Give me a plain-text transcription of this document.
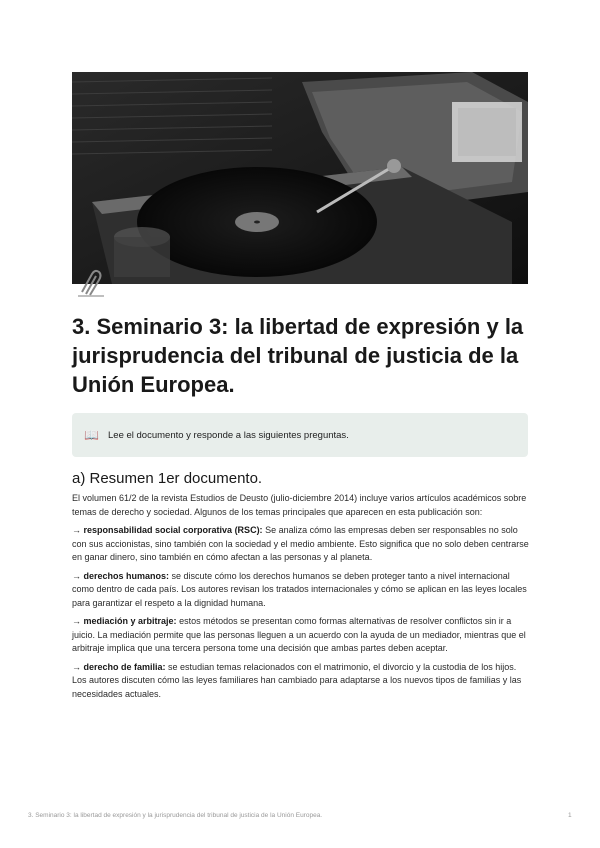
3. Seminario 3: la libertad de expresión y la jurisprudencia del tribunal de justicia de la Unión Europea.
📖 Lee el documento y responde a las siguientes preguntas.
a) Resumen 1er documento.

El volumen 61/2 de la revista Estudios de Deusto (julio-diciembre 2014) incluye varios artículos académicos sobre temas de derecho y sociedad. Algunos de los temas principales que aparecen en esta publicación son:

→ responsabilidad social corporativa (RSC): Se analiza cómo las empresas deben ser responsables no solo con sus accionistas, sino también con la sociedad y el medio ambiente. Esto significa que no solo deben centrarse en ganar dinero, sino también en cómo afectan a las personas y al planeta.

→ derechos humanos: se discute cómo los derechos humanos se deben proteger tanto a nivel internacional como dentro de cada país. Los autores revisan los tratados internacionales y cómo se aplican en las leyes locales para garantizar el respeto a la dignidad humana.

→ mediación y arbitraje: estos métodos se presentan como formas alternativas de resolver conflictos sin ir a juicio. La mediación permite que las personas lleguen a un acuerdo con la ayuda de un mediador, mientras que el arbitraje implica que una tercera persona tome una decisión que ambas partes deben aceptar.

→ derecho de familia: se estudian temas relacionados con el matrimonio, el divorcio y la custodia de los hijos. Los autores discuten cómo las leyes familiares han cambiado para adaptarse a los nuevos tipos de familias y las necesidades actuales.

3. Seminario 3: la libertad de expresión y la jurisprudencia del tribunal de justicia de la Unión Europea.	1
